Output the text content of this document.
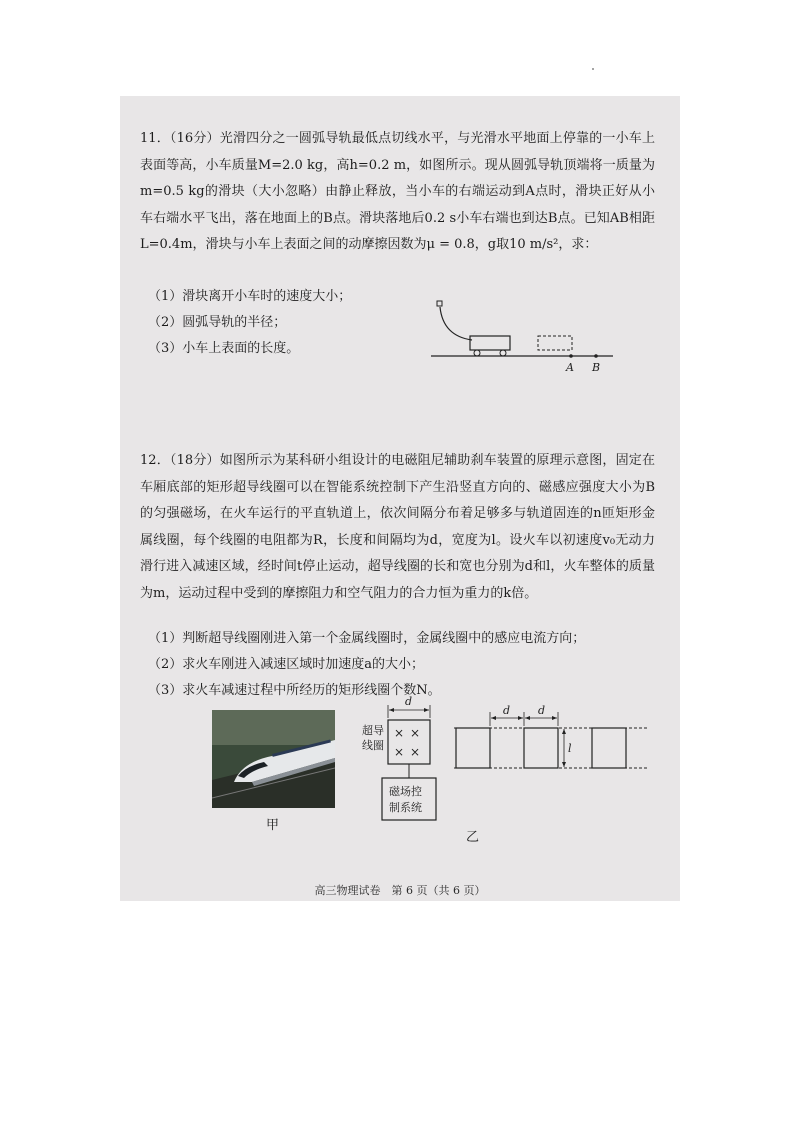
11．（16分）光滑四分之一圆弧导轨最低点切线水平，与光滑水平地面上停靠的一小车上表面等高，小车质量M=2.0 kg，高h=0.2 m，如图所示。现从圆弧导轨顶端将一质量为m=0.5 kg的滑块（大小忽略）由静止释放，当小车的右端运动到A点时，滑块正好从小车右端水平飞出，落在地面上的B点。滑块落地后0.2 s小车右端也到达B点。已知AB相距L=0.4m，滑块与小车上表面之间的动摩擦因数为μ = 0.8，g取10 m/s²，求：

（1）滑块离开小车时的速度大小；

（2）圆弧导轨的半径；

（3）小车上表面的长度。

A B

12．（18分）如图所示为某科研小组设计的电磁阻尼辅助刹车装置的原理示意图，固定在车厢底部的矩形超导线圈可以在智能系统控制下产生沿竖直方向的、磁感应强度大小为B的匀强磁场，在火车运行的平直轨道上，依次间隔分布着足够多与轨道固连的n匝矩形金属线圈，每个线圈的电阻都为R，长度和间隔均为d，宽度为l。设火车以初速度v₀无动力滑行进入减速区域，经时间t停止运动，超导线圈的长和宽也分别为d和l，火车整体的质量为m，运动过程中受到的摩擦阻力和空气阻力的合力恒为重力的k倍。

（1）判断超导线圈刚进入第一个金属线圈时，金属线圈中的感应电流方向；

（2）求火车刚进入减速区域时加速度a的大小；

（3）求火车减速过程中所经历的矩形线圈个数N。

甲
d
× ×
× ×
超导
线圈
磁场控
制系统
d	d
l
乙
高三物理试卷　第 6 页（共 6 页）
